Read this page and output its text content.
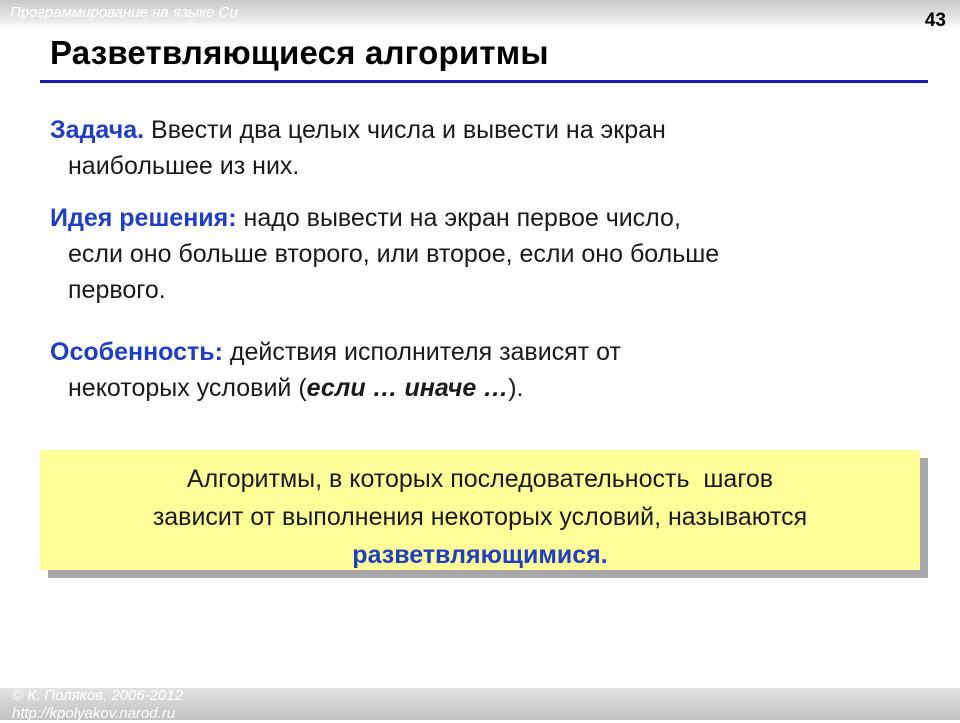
Программирование на языке Си	43
Разветвляющиеся алгоритмы
Задача. Ввести два целых числа и вывести на экран
наибольшее из них.
Идея решения: надо вывести на экран первое число,
если оно больше второго, или второе, если оно больше
первого.
Особенность: действия исполнителя зависят от
некоторых условий (если … иначе …).
Алгоритмы, в которых последовательность  шагов
зависит от выполнения некоторых условий, называются
разветвляющимися.
© К. Поляков, 2006-2012
http://kpolyakov.narod.ru
